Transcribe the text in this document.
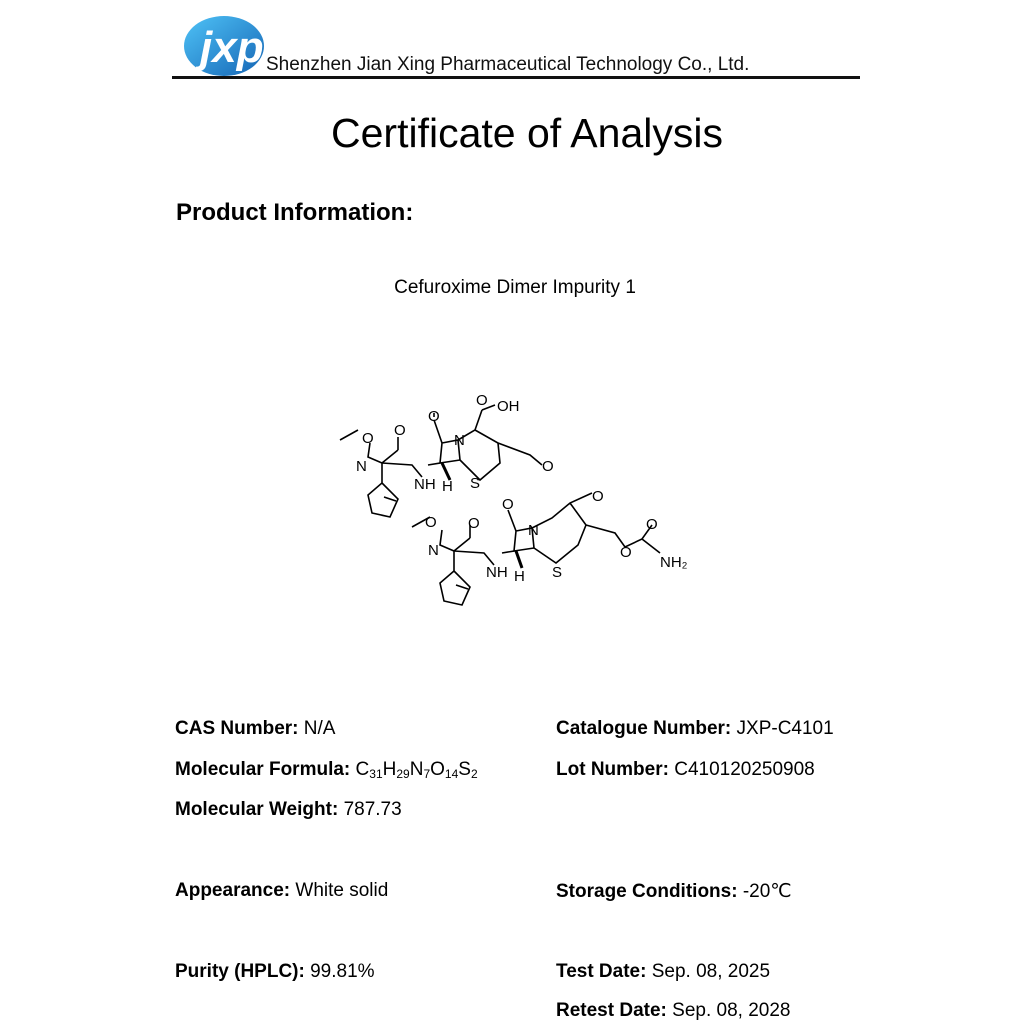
jxp Shenzhen Jian Xing Pharmaceutical Technology Co., Ltd.
Certificate of Analysis
Product Information:
Cefuroxime Dimer Impurity 1
O
N
O
NH H S
O
N
O OH
O
O
O
N
O
NH H S
O
N
O
O
NH₂
CAS Number: N/A	Catalogue Number: JXP-C4101
Molecular Formula: $C_{31}H_{29}N_7O_{14}S_2$	Lot Number: C410120250908
Molecular Weight: 787.73
Appearance: White solid	Storage Conditions: -20℃
Purity (HPLC): 99.81%	Test Date: Sep. 08, 2025
Retest Date: Sep. 08, 2028
